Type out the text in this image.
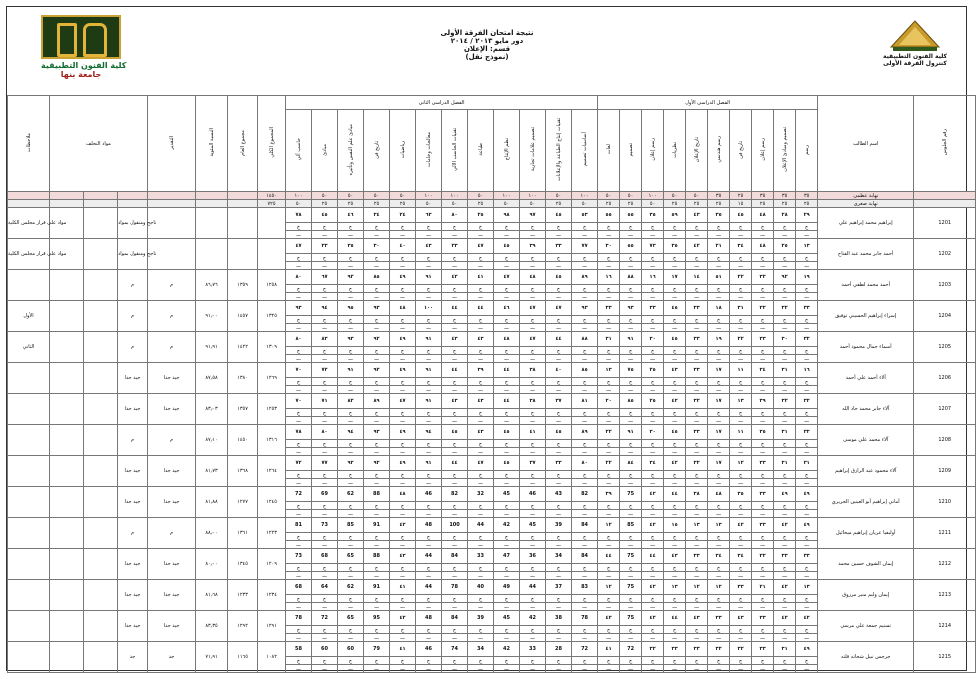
كلية الفنون التطبيقية
جامعة بنها
نتيجة امتحان الفرقة الأولى
دور مايو ٢٠١٣ / ٢٠١٤
قسم: الإعلان
(نموذج نقل)	كلية الفنون التطبيقية
كنترول الفرقة الأولى
ملاحظات	مواد التخلف			التقدير	النسبة المئوية	مجموع العام	المجموع الكلي	الفصل الدراسى الثانى												الفصل الدراسى الأول										اسم الطالب	رقم الجلوس
								حاسب آلي	مبادئ	مبادئ علم النفس وتأثيره	تاريخ فن	رياضيات	معالجات وخامات	تقنيات الحاسب الآلي	طباعة	نظم الإنتاج	تصميم علامات تجارية	تقنيات إنتاج الطباعة والإعلانات	أساسيات تصميم	لغات	تصميم	رسم إعلان	نظريات	تاريخ الإعلان	رسم هندسي	تاريخ فن	رسم إعلان	تصميم ومبادئ الإعلان	رسم		
							١٤٥٠	١٠٠	٥٠	٥٠	٥٠	٥٠	١٠٠	١٠٠	٥٠	١٠٠	١٠٠	٥٠	١٠٠	٥٠	٥٠	١٠٠	٥٠	٥٠	٣٥	٢٥	٣٥	٣٥	٣٥	نهاية عظمى	
							٧٢٥	٥٠	٢٥	٢٥	٢٥	٢٥	٥٠	٥٠	٢٥	٥٠	٥٠	٢٥	٥٠	٢٥	٢٥	٥٠	٢٥	٢٥	٢٥	١٥	٢٥	٢٥	٢٥	نهاية صغرى	
مواد على قرار مجلس الكلية			ناجح ومنقول بمواد					٧٨	٤٥	٤٦	٣٤	٢٤	٦٣	٨٠	٢٥	٩٨	٩٧	٤٥	٥٣	٥٥	٥٥	٣٥	٥٩	٤٣	٣٥	٤٥	٤٨	٢٨	٢٩	إبراهيم محمد إبراهيم علي	1201
								ج	ج	ج	ج	ج	ج	ج	ج	ج	ج	ج	ج	ج	ج	ج	ج	ج	ج	ج	ج	ج	ج		
								ـــ	ـــ	ـــ	ـــ	ـــ	ـــ	ـــ	ـــ	ـــ	ـــ	ـــ	ـــ	ـــ	ـــ	ـــ	ـــ	ـــ	ـــ	ـــ	ـــ	ـــ	ـــ		
مواد على قرار مجلس الكلية			ناجح ومنقول بمواد					٤٧	٢٣	٣٥	٣٠	٤٠	٤٣	٢٣	٤٧	٤٥	٣٩	٣٣	٧٧	٣٠	٥٥	٧٣	٣٥	٤٢	٢١	٣٤	٤٨	٢٥	١٣	أحمد جابر محمد عبد الفتاح	1202
								ج	ج	ج	ج	ج	ج	ج	ج	ج	ج	ج	ج	ج	ج	ج	ج	ج	ج	ج	ج	ج	ج		
								ـــ	ـــ	ـــ	ـــ	ـــ	ـــ	ـــ	ـــ	ـــ	ـــ	ـــ	ـــ	ـــ	ـــ	ـــ	ـــ	ـــ	ـــ	ـــ	ـــ	ـــ	ـــ		
			م	م	٨٦٫٧٦	١٣٥٩	١٢٥٨	٨٠	٦٧	٩٢	٨٥	٤٩	٩١	٤٢	٤١	٤٧	٤٨	٤٥	٨٩	١٦	٨٨	١٦	١٧	١٤	٥١	٢٢	٣٢	٩٢	١٩	أحمد محمد لطفي أحمد	1203
								ج	ج	ج	ج	ج	ج	ج	ج	ج	ج	ج	ج	ج	ج	ج	ج	ج	ج	ج	ج	ج	ج		
								ـــ	ـــ	ـــ	ـــ	ـــ	ـــ	ـــ	ـــ	ـــ	ـــ	ـــ	ـــ	ـــ	ـــ	ـــ	ـــ	ـــ	ـــ	ـــ	ـــ	ـــ	ـــ		
الأول			م	م	٩١٫٠٠	١٤٥٧	١٣٢٥	٩٣	٩٤	٩٥	٩٣	٤٨	١٠٠	٤٤	٤٤	٤٦	٤٧	٤٧	٩٣	٣٣	٩٣	٣٣	٤٥	٣٣	١٨	٣١	٣٢	٣٢	٣٣	إسراء إبراهيم الحسيني توفيق	1204
								ج	ج	ج	ج	ج	ج	ج	ج	ج	ج	ج	ج	ج	ج	ج	ج	ج	ج	ج	ج	ج	ج		
								ـــ	ـــ	ـــ	ـــ	ـــ	ـــ	ـــ	ـــ	ـــ	ـــ	ـــ	ـــ	ـــ	ـــ	ـــ	ـــ	ـــ	ـــ	ـــ	ـــ	ـــ	ـــ		
الثاني			م	م	٩١٫٩١	١٤٢٢	١٣٠٩	٨٠	٨٣	٩٣	٩٢	٤٩	٩١	٤٣	٤٣	٤٨	٤٧	٤٤	٨٨	٣١	٩١	٣٠	٤٥	٣٣	١٩	٢٢	٣٣	٣٠	٣٢	أسماء جمال محمود أحمد	1205
								ج	ج	ج	ج	ج	ج	ج	ج	ج	ج	ج	ج	ج	ج	ج	ج	ج	ج	ج	ج	ج	ج		
								ـــ	ـــ	ـــ	ـــ	ـــ	ـــ	ـــ	ـــ	ـــ	ـــ	ـــ	ـــ	ـــ	ـــ	ـــ	ـــ	ـــ	ـــ	ـــ	ـــ	ـــ	ـــ		
			جيد جدا	جيد جدا	٨٧٫٥٨	١٣٨٠	١٢٦٩	٧٠	٧٢	٩١	٩٢	٤٩	٩١	٤٤	٣٩	٤٤	٣٨	٤٠	٨٥	١٣	٧٥	٢٥	٤٣	٣٣	١٧	١١	٣٤	٣١	١٦	آلاء أحمد علي أحمد	1206
								ج	ج	ج	ج	ج	ج	ج	ج	ج	ج	ج	ج	ج	ج	ج	ج	ج	ج	ج	ج	ج	ج		
								ـــ	ـــ	ـــ	ـــ	ـــ	ـــ	ـــ	ـــ	ـــ	ـــ	ـــ	ـــ	ـــ	ـــ	ـــ	ـــ	ـــ	ـــ	ـــ	ـــ	ـــ	ـــ		
			جيد جدا	جيد جدا	٨٣٫٠٣	١٣٥٧	١٢٥٣	٧٠	٧١	٨٢	٨٩	٤٧	٩١	٤٣	٤٣	٤٤	٣٨	٣٧	٨١	٢٠	٨٥	٢٥	٤٢	٣٢	١٧	١٣	٣٩	٣٢	٣٢	آلاء جابر محمد جاد الله	1207
								ج	ج	ج	ج	ج	ج	ج	ج	ج	ج	ج	ج	ج	ج	ج	ج	ج	ج	ج	ج	ج	ج		
								ـــ	ـــ	ـــ	ـــ	ـــ	ـــ	ـــ	ـــ	ـــ	ـــ	ـــ	ـــ	ـــ	ـــ	ـــ	ـــ	ـــ	ـــ	ـــ	ـــ	ـــ	ـــ		
			م	م	٨٧٫١٠	١٤٥٠	١٣١٦	٧٨	٨٠	٩٤	٩٣	٤٩	٩٤	٤٥	٤٣	٤٥	٤١	٤٥	٨٩	٢٢	٩١	٣٠	٤٥	٣٣	١٧	١١	٣٥	٣١	٣٢	آلاء محمد علي موسى	1208
								ج	ج	ج	ج	ج	ج	ج	ج	ج	ج	ج	ج	ج	ج	ج	ج	ج	ج	ج	ج	ج	ج		
								ـــ	ـــ	ـــ	ـــ	ـــ	ـــ	ـــ	ـــ	ـــ	ـــ	ـــ	ـــ	ـــ	ـــ	ـــ	ـــ	ـــ	ـــ	ـــ	ـــ	ـــ	ـــ		
			جيد جدا	جيد جدا	٨١٫٧٣	١٣٦٨	١٢٦٤	٧٢	٧٧	٩٢	٩٢	٤٩	٩١	٤٤	٤٧	٤٥	٣٧	٣٣	٨٠	٢٢	٨٤	٣٤	٤٢	٣٢	١٧	١٢	٣٣	٣١	٣١	آلاء محمود عبد الرازق إبراهيم	1209
								ج	ج	ج	ج	ج	ج	ج	ج	ج	ج	ج	ج	ج	ج	ج	ج	ج	ج	ج	ج	ج	ج		
								ـــ	ـــ	ـــ	ـــ	ـــ	ـــ	ـــ	ـــ	ـــ	ـــ	ـــ	ـــ	ـــ	ـــ	ـــ	ـــ	ـــ	ـــ	ـــ	ـــ	ـــ	ـــ		
			جيد جدا	جيد جدا	٨١٫٨٨	١٢٧٧	١٢٤٥	72	69	62	88	٤٨	46	82	32	45	46	43	82	٣٩	75	٤٢	٤٤	٣٨	٤٨	٣٥	٣٣	٤٩	٤٩	أماني إبراهيم أبو العينين الجريري	1210
								ج	ج	ج	ج	ج	ج	ج	ج	ج	ج	ج	ج	ج	ج	ج	ج	ج	ج	ج	ج	ج	ج		
								ـــ	ـــ	ـــ	ـــ	ـــ	ـــ	ـــ	ـــ	ـــ	ـــ	ـــ	ـــ	ـــ	ـــ	ـــ	ـــ	ـــ	ـــ	ـــ	ـــ	ـــ	ـــ		
			م	م	٨٨٫٠٠	١٣٦١	١٢٢٣	81	73	85	91	٤٢	48	100	44	42	45	39	84	١٢	85	٤٢	١٥	١٣	١٣	٤٢	٣٣	٤٢	٤٩	أوليفيا عريان إبراهيم ميخائيل	1211
								ج	ج	ج	ج	ج	ج	ج	ج	ج	ج	ج	ج	ج	ج	ج	ج	ج	ج	ج	ج	ج	ج		
								ـــ	ـــ	ـــ	ـــ	ـــ	ـــ	ـــ	ـــ	ـــ	ـــ	ـــ	ـــ	ـــ	ـــ	ـــ	ـــ	ـــ	ـــ	ـــ	ـــ	ـــ	ـــ		
			جيد جدا	جيد جدا	٨٠٫٠٠	١٣٤٥	١٢٠٩	73	68	65	88	٤٣	44	84	33	47	36	34	84	٤٤	75	٤٤	٤٣	٣٣	٣٤	٣٤	٣٢	٣٣	٣٣	إيمان الشوف حسين محمد	1212
								ج	ج	ج	ج	ج	ج	ج	ج	ج	ج	ج	ج	ج	ج	ج	ج	ج	ج	ج	ج	ج	ج		
								ـــ	ـــ	ـــ	ـــ	ـــ	ـــ	ـــ	ـــ	ـــ	ـــ	ـــ	ـــ	ـــ	ـــ	ـــ	ـــ	ـــ	ـــ	ـــ	ـــ	ـــ	ـــ		
			جيد جدا	جيد جدا	٨١٫٦٨	١٢٣٣	١٢٣٤	68	64	62	91	٤١	44	78	40	49	44	37	83	١٢	75	٤٢	١٣	١٢	١٢	٣٣	٢١	٤٢	١٣	إيمان وليم منير مرزوق	1213
								ج	ج	ج	ج	ج	ج	ج	ج	ج	ج	ج	ج	ج	ج	ج	ج	ج	ج	ج	ج	ج	ج		
								ـــ	ـــ	ـــ	ـــ	ـــ	ـــ	ـــ	ـــ	ـــ	ـــ	ـــ	ـــ	ـــ	ـــ	ـــ	ـــ	ـــ	ـــ	ـــ	ـــ	ـــ	ـــ		
			جيد جدا	جيد جدا	٨٣٫٣٥	١٢٩٢	١٢٩١	78	72	65	95	٤٢	48	84	39	45	42	38	78	٤٢	75	٤٢	٤٤	٤٣	٣٣	٤٣	٣٣	٤٢	٤٢	تسنيم جمعة علي مرسي	1214
								ج	ج	ج	ج	ج	ج	ج	ج	ج	ج	ج	ج	ج	ج	ج	ج	ج	ج	ج	ج	ج	ج		
								ـــ	ـــ	ـــ	ـــ	ـــ	ـــ	ـــ	ـــ	ـــ	ـــ	ـــ	ـــ	ـــ	ـــ	ـــ	ـــ	ـــ	ـــ	ـــ	ـــ	ـــ	ـــ		
			جد	جد	٧١٫٩١	١١٦٥	١٠٨٢	58	60	60	79	٤١	46	74	34	42	33	28	72	٤١	72	٣٢	٣٣	٣٣	٣٢	٣٢	٣٣	٣١	٤٩	جرجس نبيل شحاته قلته	1215
								ج	ج	ج	ج	ج	ج	ج	ج	ج	ج	ج	ج	ج	ج	ج	ج	ج	ج	ج	ج	ج	ج		
								ـــ	ـــ	ـــ	ـــ	ـــ	ـــ	ـــ	ـــ	ـــ	ـــ	ـــ	ـــ	ـــ	ـــ	ـــ	ـــ	ـــ	ـــ	ـــ	ـــ	ـــ	ـــ		
